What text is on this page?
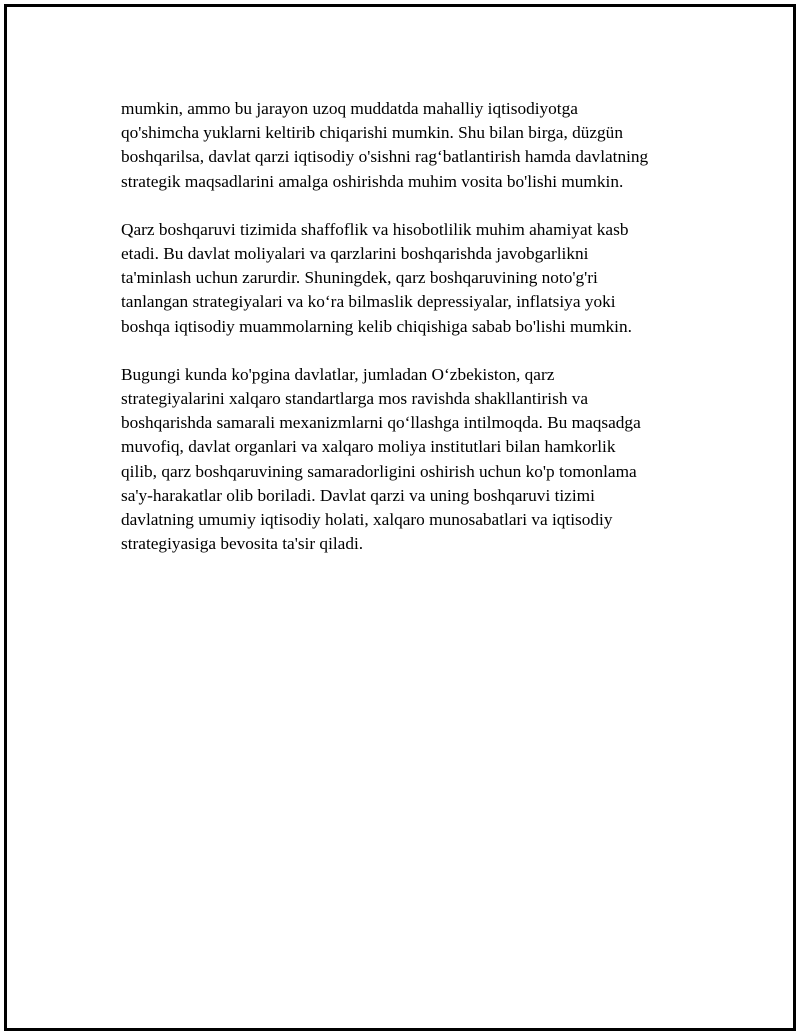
mumkin, ammo bu jarayon uzoq muddatda mahalliy iqtisodiyotga
qo'shimcha yuklarni keltirib chiqarishi mumkin. Shu bilan birga, düzgün
boshqarilsa, davlat qarzi iqtisodiy o'sishni rag‘batlantirish hamda davlatning
strategik maqsadlarini amalga oshirishda muhim vosita bo'lishi mumkin.

Qarz boshqaruvi tizimida shaffoflik va hisobotlilik muhim ahamiyat kasb
etadi. Bu davlat moliyalari va qarzlarini boshqarishda javobgarlikni
ta'minlash uchun zarurdir. Shuningdek, qarz boshqaruvining noto'g'ri
tanlangan strategiyalari va ko‘ra bilmaslik depressiyalar, inflatsiya yoki
boshqa iqtisodiy muammolarning kelib chiqishiga sabab bo'lishi mumkin.

Bugungi kunda ko'pgina davlatlar, jumladan O‘zbekiston, qarz
strategiyalarini xalqaro standartlarga mos ravishda shakllantirish va
boshqarishda samarali mexanizmlarni qo‘llashga intilmoqda. Bu maqsadga
muvofiq, davlat organlari va xalqaro moliya institutlari bilan hamkorlik
qilib, qarz boshqaruvining samaradorligini oshirish uchun ko'p tomonlama
sa'y-harakatlar olib boriladi. Davlat qarzi va uning boshqaruvi tizimi
davlatning umumiy iqtisodiy holati, xalqaro munosabatlari va iqtisodiy
strategiyasiga bevosita ta'sir qiladi.
